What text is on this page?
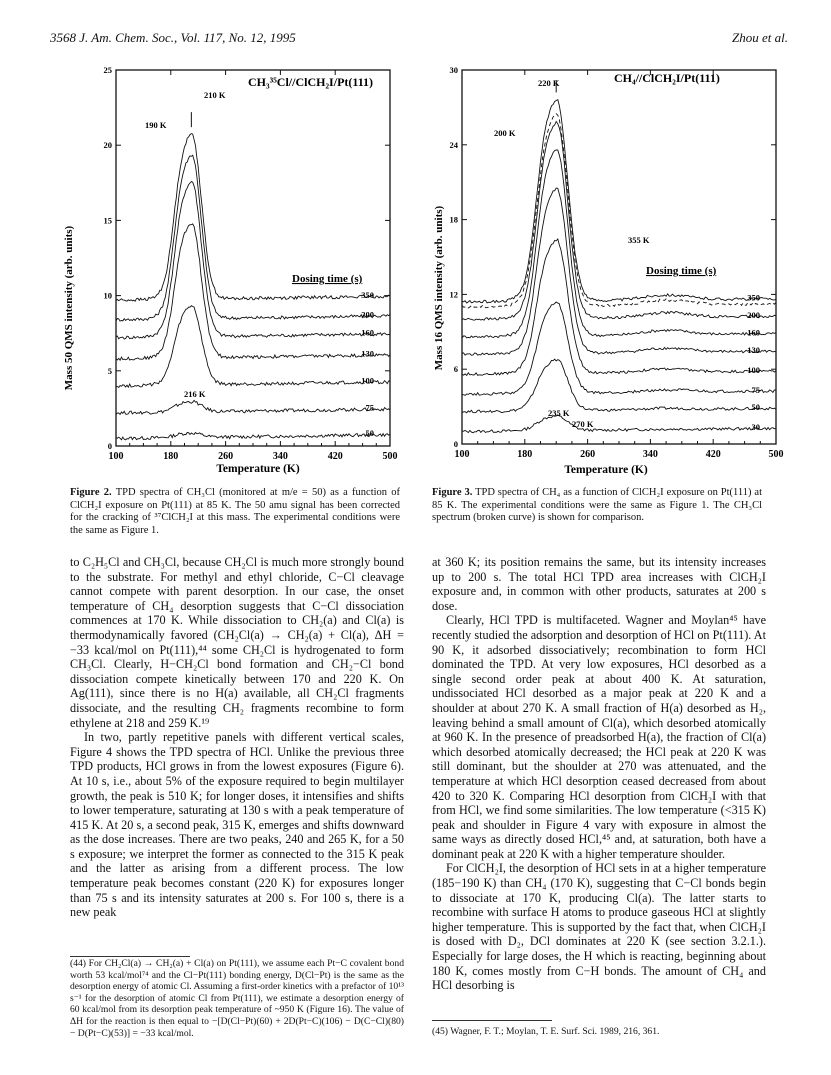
3568 J. Am. Chem. Soc., Vol. 117, No. 12, 1995	Zhou et al.
100	180	260	340	420	500
0
5
10
15
20
25
50
75
100
130
160
200
350
CH₃³⁵Cl//ClCH₂I/Pt(111)
Mass 50 QMS intensity (arb. units)
Temperature (K)
Dosing time (s)
210 K
190 K
216 K
100	180	260	340	420	500
0
6
12
18
24
30
30
50
75
100
130
160
200
350
CH₄//ClCH₂I/Pt(111)
Mass 16 QMS intensity (arb. units)
Temperature (K)
Dosing time (s)
220 K
200 K
355 K
235 K
270 K
Figure 2. TPD spectra of CH₃Cl (monitored at m/e = 50) as a function of ClCH₂I exposure on Pt(111) at 85 K. The 50 amu signal has been corrected for the cracking of ³⁷ClCH₂I at this mass. The experimental conditions were the same as Figure 1.
Figure 3. TPD spectra of CH₄ as a function of ClCH₂I exposure on Pt(111) at 85 K. The experimental conditions were the same as Figure 1. The CH₃Cl spectrum (broken curve) is shown for comparison.

to C₂H₅Cl and CH₃Cl, because CH₂Cl is much more strongly bound to the substrate. For methyl and ethyl chloride, C−Cl cleavage cannot compete with parent desorption. In our case, the onset temperature of CH₄ desorption suggests that C−Cl dissociation commences at 170 K. While dissociation to CH₂(a) and Cl(a) is thermodynamically favored (CH₂Cl(a) → CH₂(a) + Cl(a), ΔH = −33 kcal/mol on Pt(111),⁴⁴ some CH₂Cl is hydrogenated to form CH₃Cl. Clearly, H−CH₂Cl bond formation and CH₂−Cl bond dissociation compete kinetically between 170 and 220 K. On Ag(111), since there is no H(a) available, all CH₂Cl fragments dissociate, and the resulting CH₂ fragments recombine to form ethylene at 218 and 259 K.¹⁹

In two, partly repetitive panels with different vertical scales, Figure 4 shows the TPD spectra of HCl. Unlike the previous three TPD products, HCl grows in from the lowest exposures (Figure 6). At 10 s, i.e., about 5% of the exposure required to begin multilayer growth, the peak is 510 K; for longer doses, it intensifies and shifts to lower temperature, saturating at 130 s with a peak temperature of 415 K. At 20 s, a second peak, 315 K, emerges and shifts downward as the dose increases. There are two peaks, 240 and 265 K, for a 50 s exposure; we interpret the former as connected to the 315 K peak and the latter as arising from a different process. The low temperature peak becomes constant (220 K) for exposures longer than 75 s and its intensity saturates at 200 s. For 100 s, there is a new peak

(44) For CH₂Cl(a) → CH₂(a) + Cl(a) on Pt(111), we assume each Pt−C covalent bond worth 53 kcal/mol⁷⁴ and the Cl−Pt(111) bonding energy, D(Cl−Pt) is the same as the desorption energy of atomic Cl. Assuming a first-order kinetics with a prefactor of 10¹³ s⁻¹ for the desorption of atomic Cl from Pt(111), we estimate a desorption energy of 60 kcal/mol from its desorption peak temperature of ~950 K (Figure 16). The value of ΔH for the reaction is then equal to −[D(Cl−Pt)(60) + 2D(Pt−C)(106) − D(C−Cl)(80) − D(Pt−C)(53)] = −33 kcal/mol.

at 360 K; its position remains the same, but its intensity increases up to 200 s. The total HCl TPD area increases with ClCH₂I exposure and, in common with other products, saturates at 200 s dose.

Clearly, HCl TPD is multifaceted. Wagner and Moylan⁴⁵ have recently studied the adsorption and desorption of HCl on Pt(111). At 90 K, it adsorbed dissociatively; recombination to form HCl dominated the TPD. At very low exposures, HCl desorbed as a single second order peak at about 400 K. At saturation, undissociated HCl desorbed as a major peak at 220 K and a shoulder at about 270 K. A small fraction of H(a) desorbed as H₂, leaving behind a small amount of Cl(a), which desorbed atomically at 960 K. In the presence of preadsorbed H(a), the fraction of Cl(a) which desorbed atomically decreased; the HCl peak at 220 K was still dominant, but the shoulder at 270 was attenuated, and the temperature at which HCl desorption ceased decreased from about 420 to 320 K. Comparing HCl desorption from ClCH₂I with that from HCl, we find some similarities. The low temperature (<315 K) peak and shoulder in Figure 4 vary with exposure in almost the same ways as directly dosed HCl,⁴⁵ and, at saturation, both have a dominant peak at 220 K with a higher temperature shoulder.

For ClCH₂I, the desorption of HCl sets in at a higher temperature (185−190 K) than CH₄ (170 K), suggesting that C−Cl bonds begin to dissociate at 170 K, producing Cl(a). The latter starts to recombine with surface H atoms to produce gaseous HCl at slightly higher temperature. This is supported by the fact that, when ClCH₂I is dosed with D₂, DCl dominates at 220 K (see section 3.2.1.). Especially for large doses, the H which is reacting, beginning about 180 K, comes mostly from C−H bonds. The amount of CH₄ and HCl desorbing is

(45) Wagner, F. T.; Moylan, T. E. Surf. Sci. 1989, 216, 361.
